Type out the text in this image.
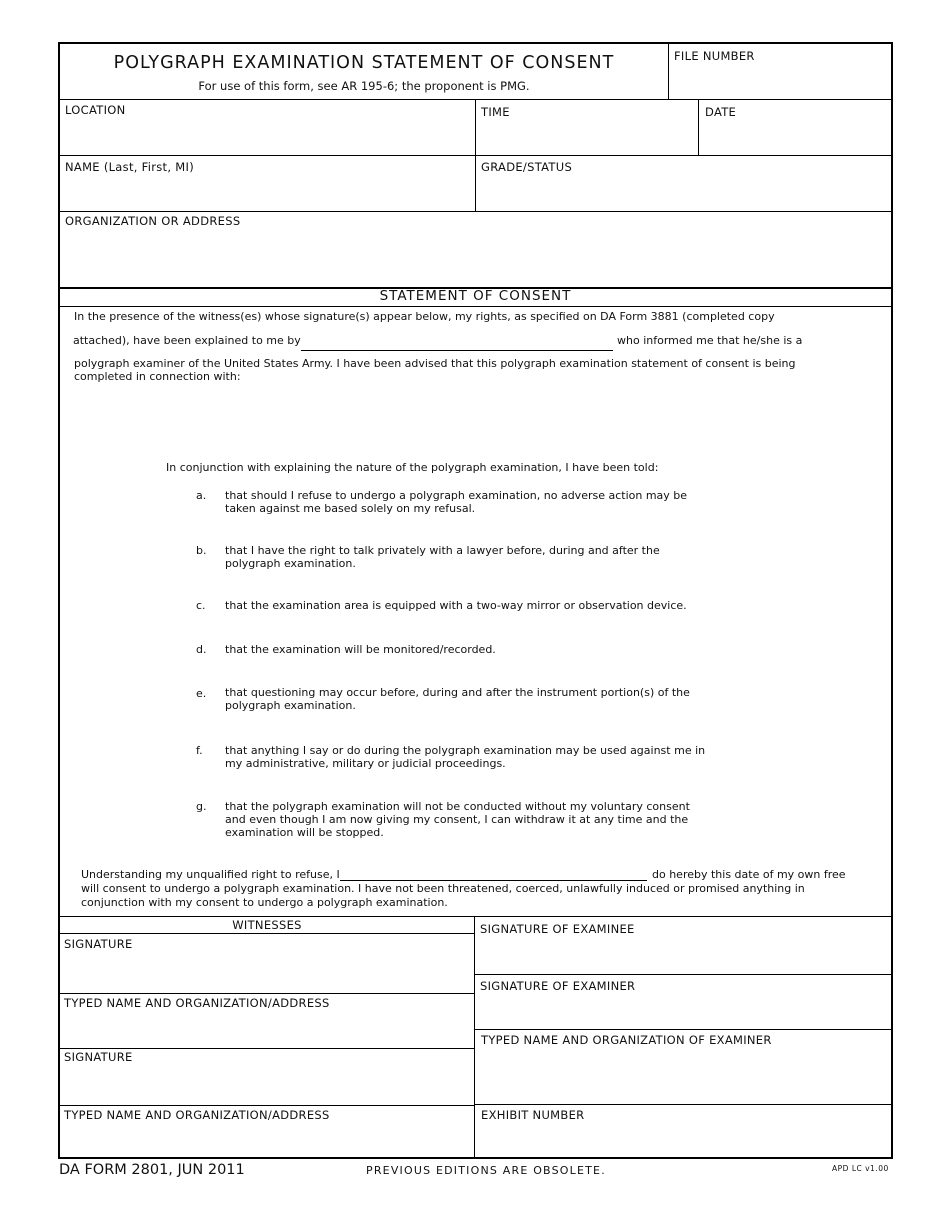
POLYGRAPH EXAMINATION STATEMENT OF CONSENT
For use of this form, see AR 195-6; the proponent is PMG.
FILE NUMBER
LOCATION	TIME	DATE
NAME (Last, First, MI)	GRADE/STATUS
ORGANIZATION OR ADDRESS
STATEMENT OF CONSENT
In the presence of the witness(es) whose signature(s) appear below, my rights, as specified on DA Form 3881 (completed copy
attached), have been explained to me by	who informed me that he/she is a
polygraph examiner of the United States Army. I have been advised that this polygraph examination statement of consent is being
completed in connection with:
In conjunction with explaining the nature of the polygraph examination, I have been told:
a. that should I refuse to undergo a polygraph examination, no adverse action may be
taken against me based solely on my refusal.
b. that I have the right to talk privately with a lawyer before, during and after the
polygraph examination.
c. that the examination area is equipped with a two-way mirror or observation device.
d. that the examination will be monitored/recorded.
e. that questioning may occur before, during and after the instrument portion(s) of the
polygraph examination.
f. that anything I say or do during the polygraph examination may be used against me in
my administrative, military or judicial proceedings.
g. that the polygraph examination will not be conducted without my voluntary consent
and even though I am now giving my consent, I can withdraw it at any time and the
examination will be stopped.
Understanding my unqualified right to refuse, I	do hereby this date of my own free
will consent to undergo a polygraph examination. I have not been threatened, coerced, unlawfully induced or promised anything in
conjunction with my consent to undergo a polygraph examination.
WITNESSES
SIGNATURE
TYPED NAME AND ORGANIZATION/ADDRESS
SIGNATURE
TYPED NAME AND ORGANIZATION/ADDRESS
SIGNATURE OF EXAMINEE
SIGNATURE OF EXAMINER
TYPED NAME AND ORGANIZATION OF EXAMINER
EXHIBIT NUMBER
DA FORM 2801, JUN 2011	PREVIOUS EDITIONS ARE OBSOLETE.	APD LC v1.00
